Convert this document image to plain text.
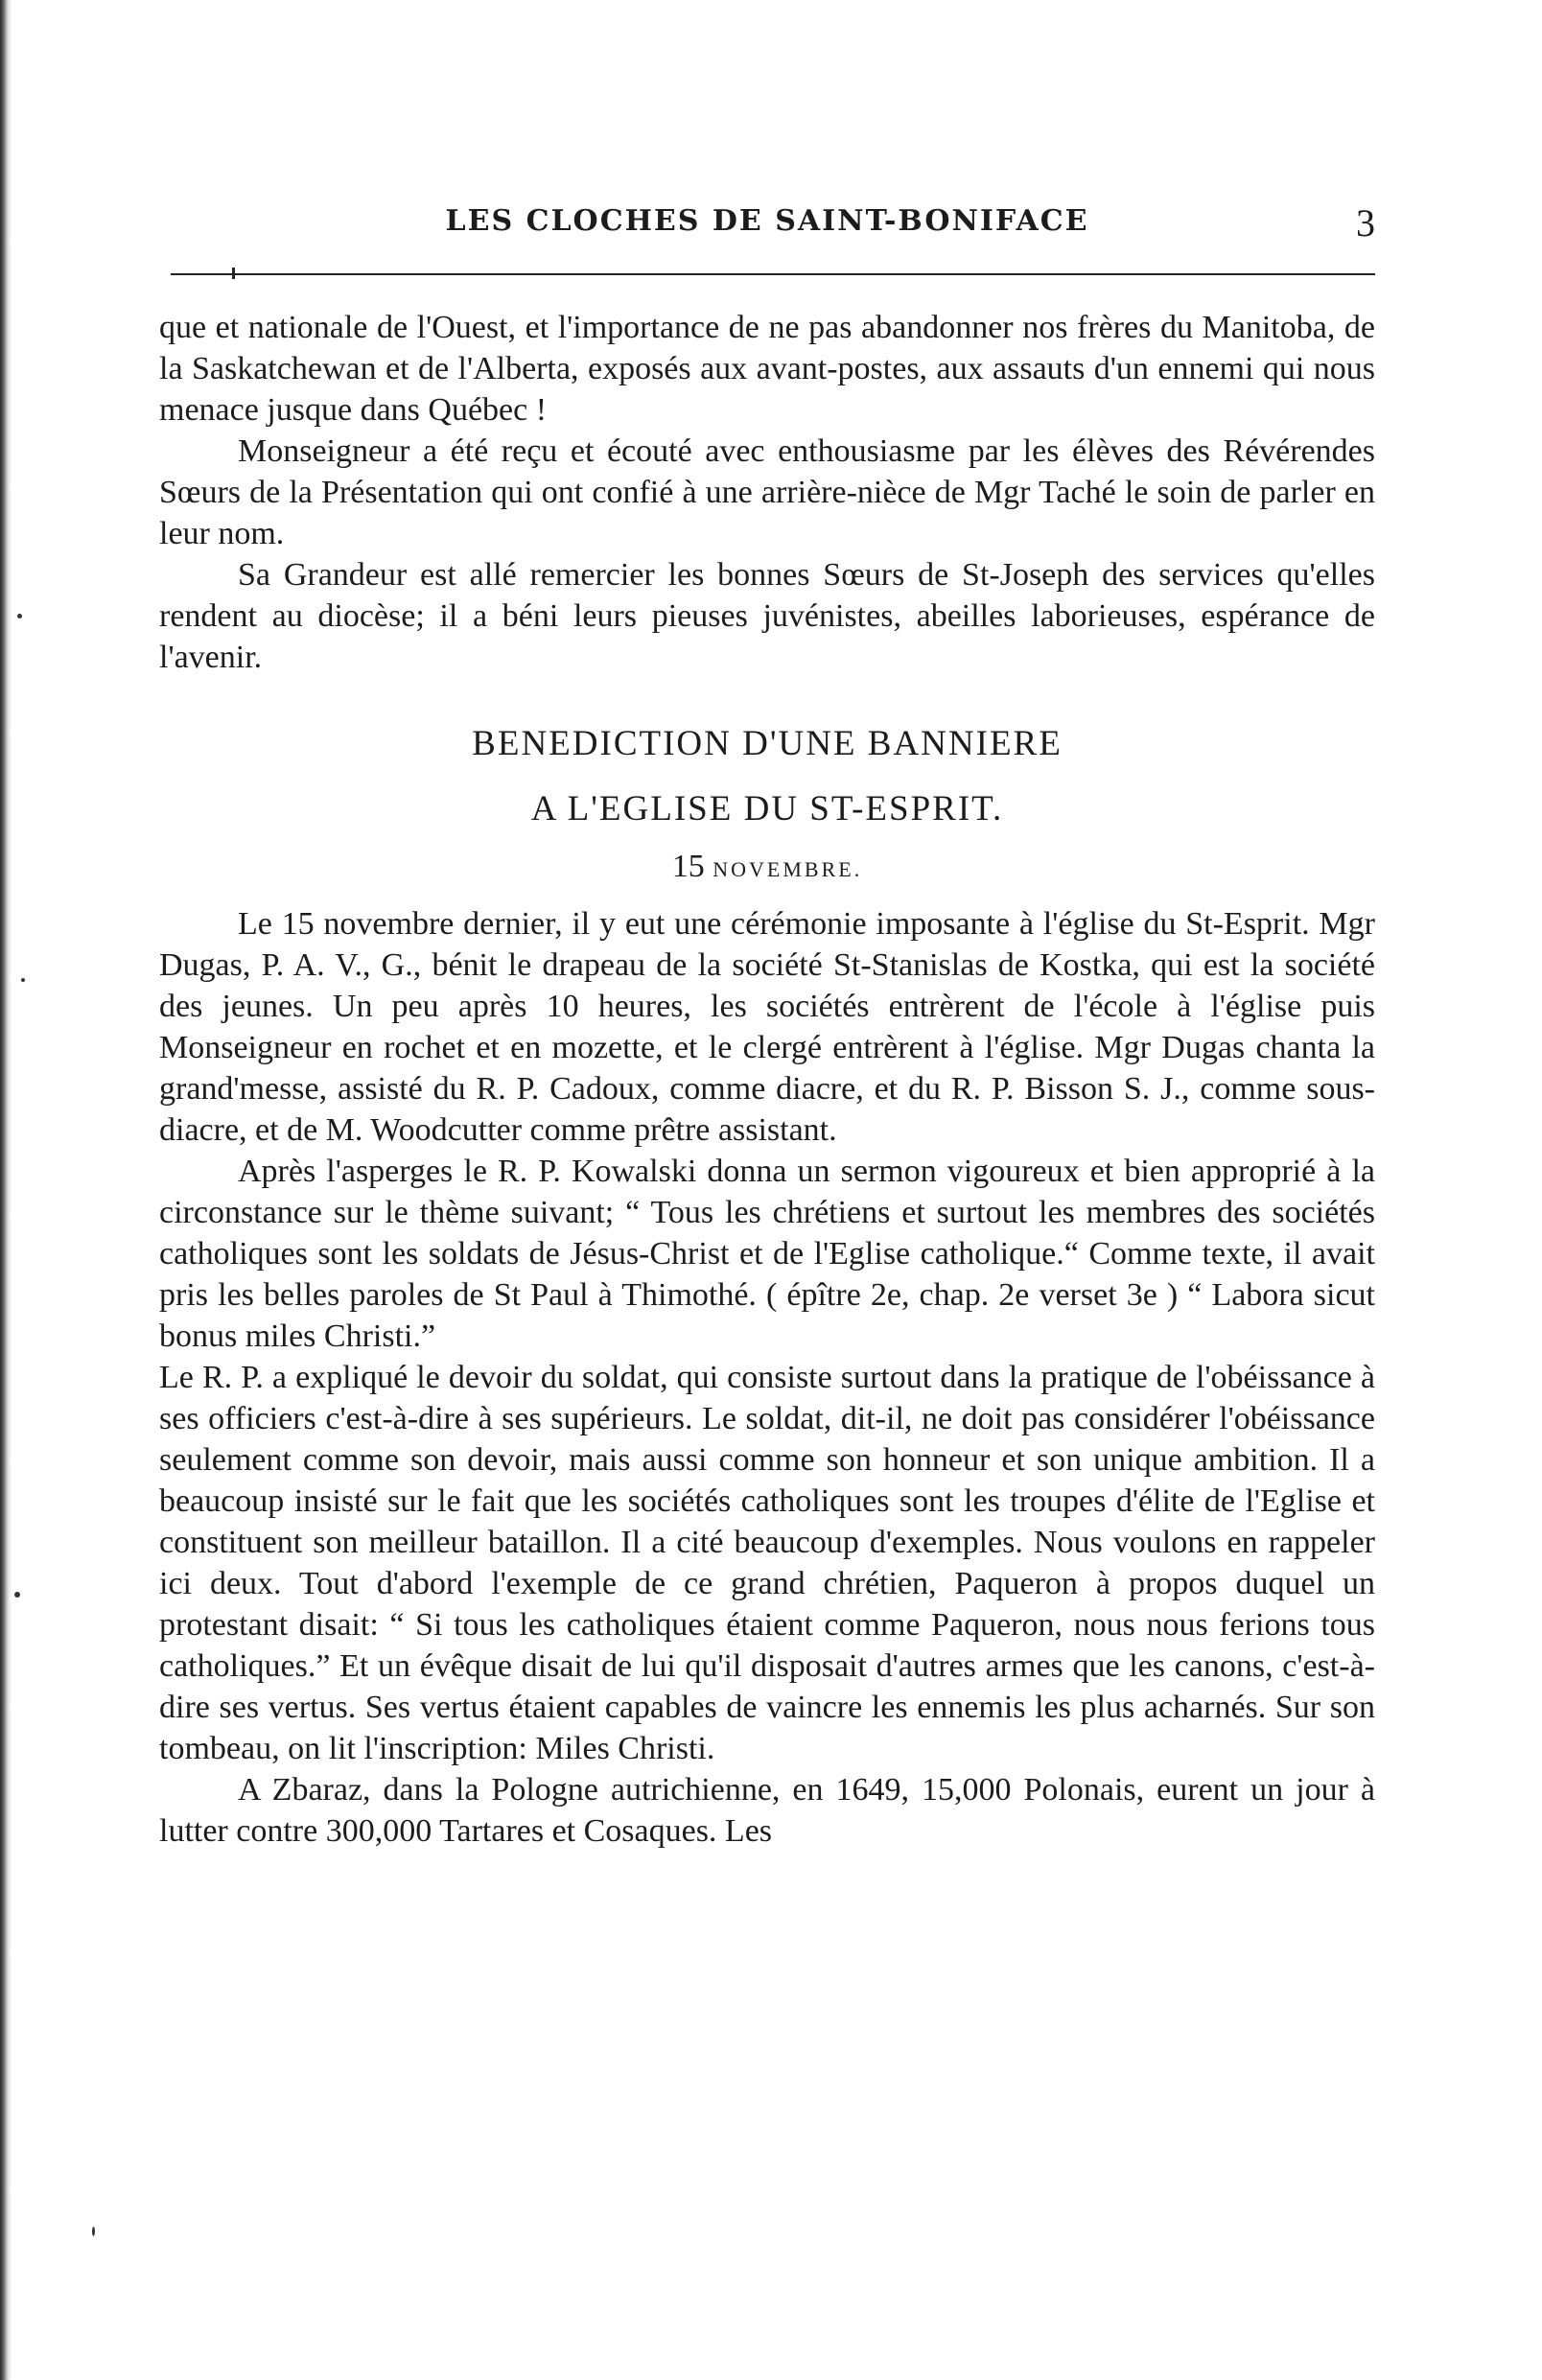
LES CLOCHES DE SAINT-BONIFACE	3

que et nationale de l'Ouest, et l'importance de ne pas abandonner nos frères du Manitoba, de la Saskatchewan et de l'Alberta, exposés aux avant-postes, aux assauts d'un ennemi qui nous menace jusque dans Québec !

Monseigneur a été reçu et écouté avec enthousiasme par les élèves des Révérendes Sœurs de la Présentation qui ont confié à une arrière-nièce de Mgr Taché le soin de parler en leur nom.

Sa Grandeur est allé remercier les bonnes Sœurs de St-Joseph des services qu'elles rendent au diocèse; il a béni leurs pieuses juvénistes, abeilles laborieuses, espérance de l'avenir.

BENEDICTION D'UNE BANNIERE

A L'EGLISE DU ST-ESPRIT.

15 NOVEMBRE.

Le 15 novembre dernier, il y eut une cérémonie imposante à l'église du St-Esprit. Mgr Dugas, P. A. V., G., bénit le drapeau de la société St-Stanislas de Kostka, qui est la société des jeunes. Un peu après 10 heures, les sociétés entrèrent de l'école à l'église puis Monseigneur en rochet et en mozette, et le clergé entrèrent à l'église. Mgr Dugas chanta la grand'messe, assisté du R. P. Cadoux, comme diacre, et du R. P. Bisson S. J., comme sous-diacre, et de M. Woodcutter comme prêtre assistant.

Après l'asperges le R. P. Kowalski donna un sermon vigoureux et bien approprié à la circonstance sur le thème suivant; “ Tous les chrétiens et surtout les membres des sociétés catholiques sont les soldats de Jésus-Christ et de l'Eglise catholique.“ Comme texte, il avait pris les belles paroles de St Paul à Thimothé. ( épître 2e, chap. 2e verset 3e ) “ Labora sicut bonus miles Christi.”

Le R. P. a expliqué le devoir du soldat, qui consiste surtout dans la pratique de l'obéissance à ses officiers c'est-à-dire à ses supérieurs. Le soldat, dit-il, ne doit pas considérer l'obéissance seulement comme son devoir, mais aussi comme son honneur et son unique ambition. Il a beaucoup insisté sur le fait que les sociétés catholiques sont les troupes d'élite de l'Eglise et constituent son meilleur bataillon. Il a cité beaucoup d'exemples. Nous voulons en rappeler ici deux. Tout d'abord l'exemple de ce grand chrétien, Paqueron à propos duquel un protestant disait: “ Si tous les catholiques étaient comme Paqueron, nous nous ferions tous catholiques.” Et un évêque disait de lui qu'il disposait d'autres armes que les canons, c'est-à-dire ses vertus. Ses vertus étaient capables de vaincre les ennemis les plus acharnés. Sur son tombeau, on lit l'inscription: Miles Christi.

A Zbaraz, dans la Pologne autrichienne, en 1649, 15,000 Polonais, eurent un jour à lutter contre 300,000 Tartares et Cosaques. Les
